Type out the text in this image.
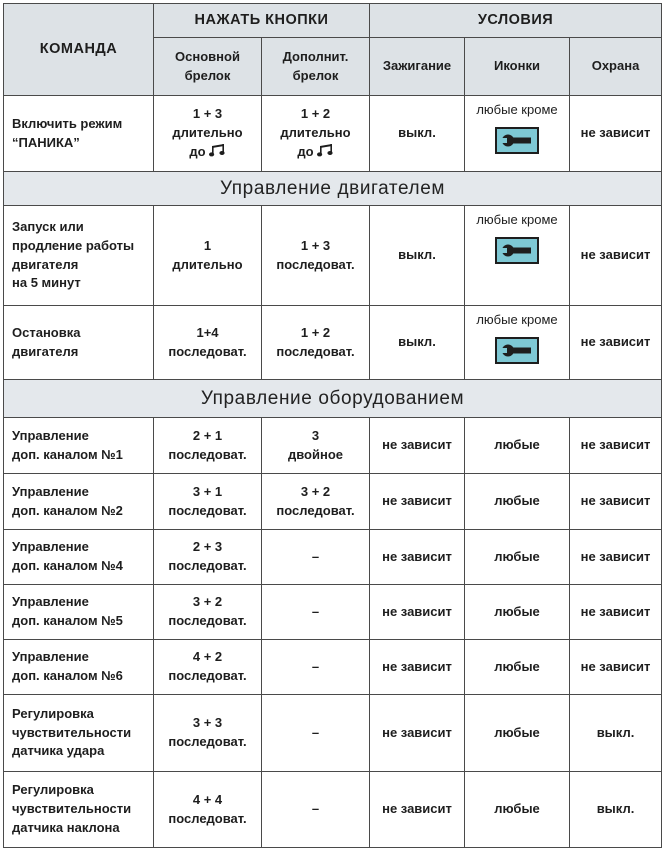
КОМАНДА	НАЖАТЬ КНОПКИ		УСЛОВИЯ		

	Основной
брелок	Дополнит.
брелок	Зажигание	Иконки	Охрана

Включить режим
“ПАНИКА”	1 + 3
длительно
до	1 + 2
длительно
до	выкл.	любые кроме	не зависит
Управление двигателем					

Запуск или
продление работы
двигателя
на 5 минут	1
длительно	1 + 3
последоват.	выкл.	любые кроме	не зависит

Остановка
двигателя	1+4
последоват.	1 + 2
последоват.	выкл.	любые кроме	не зависит
Управление оборудованием					

Управление
доп. каналом №1	2 + 1
последоват.	3
двойное	не зависит	любые	не зависит

Управление
доп. каналом №2	3 + 1
последоват.	3 + 2
последоват.	не зависит	любые	не зависит

Управление
доп. каналом №4	2 + 3
последоват.	–	не зависит	любые	не зависит

Управление
доп. каналом №5	3 + 2
последоват.	–	не зависит	любые	не зависит

Управление
доп. каналом №6	4 + 2
последоват.	–	не зависит	любые	не зависит

Регулировка
чувствительности
датчика удара	3 + 3
последоват.	–	не зависит	любые	выкл.

Регулировка
чувствительности
датчика наклона	4 + 4
последоват.	–	не зависит	любые	выкл.
